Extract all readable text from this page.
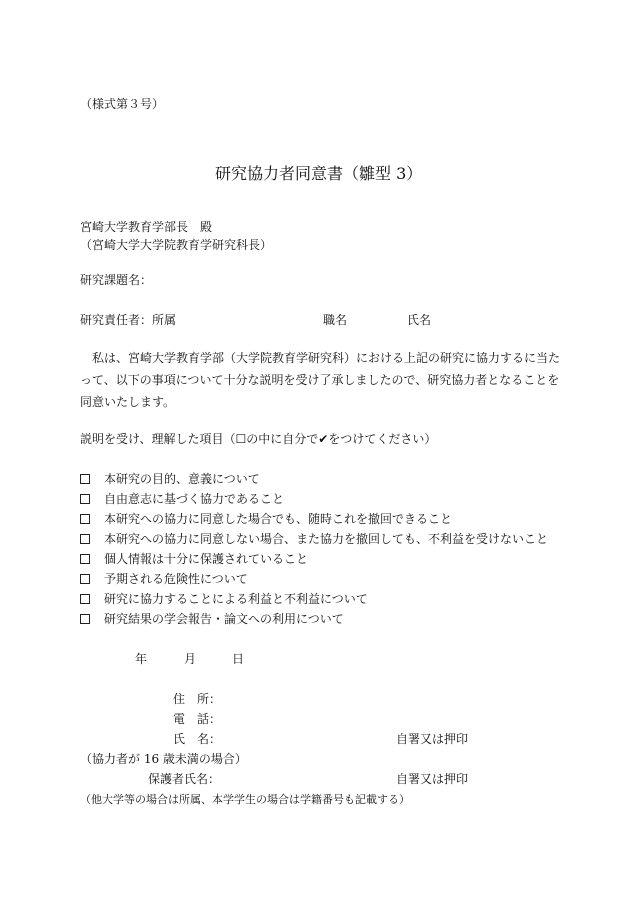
（様式第３号）
研究協力者同意書（雛型 3）
宮崎大学教育学部長　殿
（宮崎大学大学院教育学研究科長）
研究課題名：
研究責任者：所属	職名	氏名
　私は、宮崎大学教育学部（大学院教育学研究科）における上記の研究に協力するに当た
って、以下の事項について十分な説明を受け了承しましたので、研究協力者となることを
同意いたします。
説明を受け、理解した項目（☐の中に自分で✔をつけてください）
本研究の目的、意義について
自由意志に基づく協力であること
本研究への協力に同意した場合でも、随時これを撤回できること
本研究への協力に同意しない場合、また協力を撤回しても、不利益を受けないこと
個人情報は十分に保護されていること
予期される危険性について
研究に協力することによる利益と不利益について
研究結果の学会報告・論文への利用について
年	月	日
住　所：
電　話：
氏　名：	自署又は押印
（協力者が 16 歳未満の場合）
保護者氏名：	自署又は押印
（他大学等の場合は所属、本学学生の場合は学籍番号も記載する）
